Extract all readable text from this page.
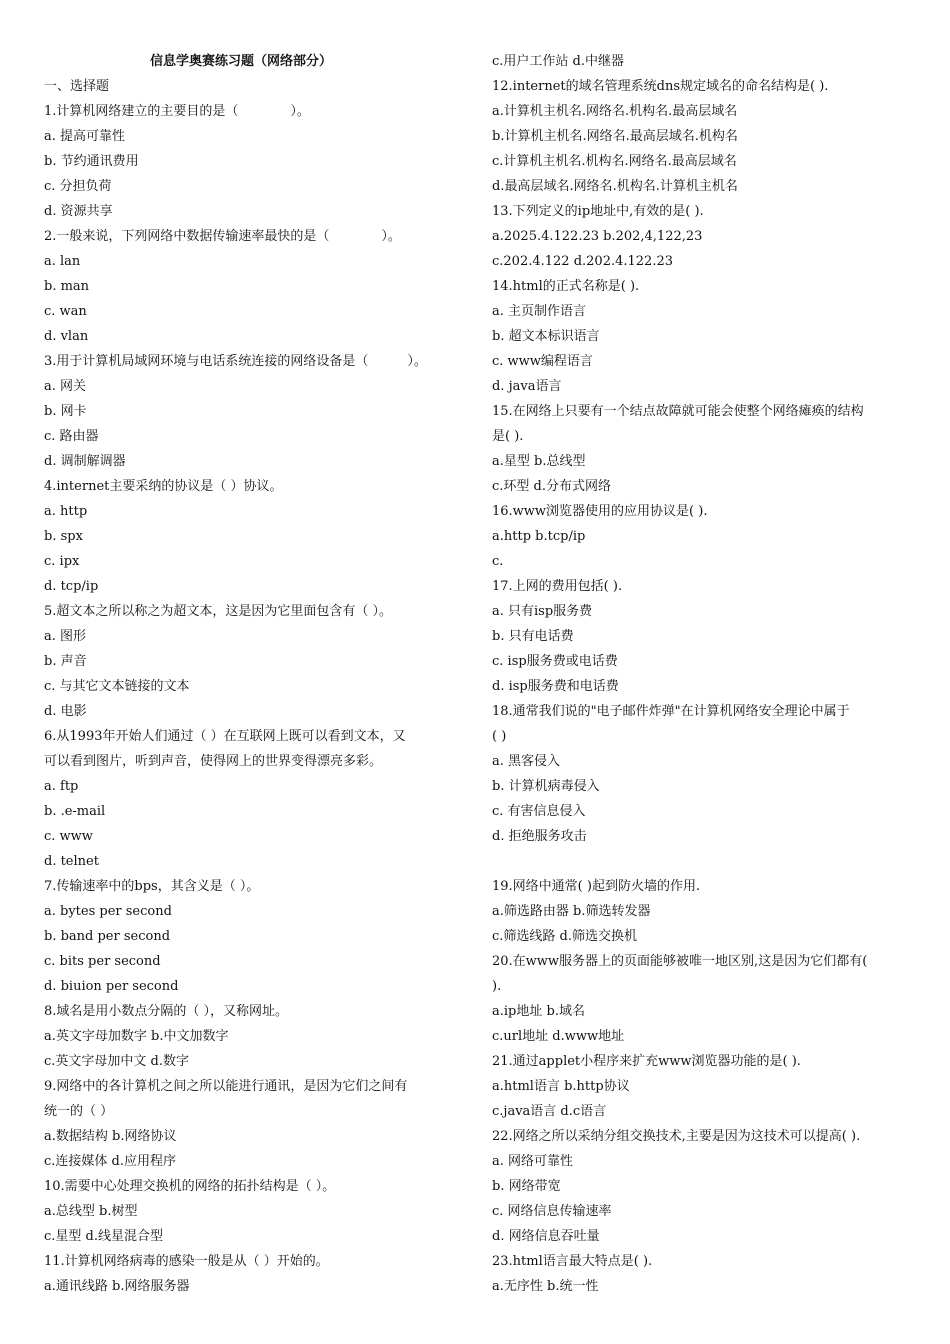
信息学奥赛练习题（网络部分）
一、选择题
1.计算机网络建立的主要目的是（　　　　）。
a. 提高可靠性
b. 节约通讯费用
c. 分担负荷
d. 资源共享
2.一般来说，下列网络中数据传输速率最快的是（　　　　）。
a. lan
b. man
c. wan
d. vlan
3.用于计算机局域网环境与电话系统连接的网络设备是（　　　）。
a. 网关
b. 网卡
c. 路由器
d. 调制解调器
4.internet主要采纳的协议是（ ）协议。
a. http
b. spx
c. ipx
d. tcp/ip
5.超文本之所以称之为超文本，这是因为它里面包含有（ ）。
a. 图形
b. 声音
c. 与其它文本链接的文本
d. 电影
6.从1993年开始人们通过（ ）在互联网上既可以看到文本，又
可以看到图片，听到声音，使得网上的世界变得漂亮多彩。
a. ftp
b. .e-mail
c. www
d. telnet
7.传输速率中的bps，其含义是（ ）。
a. bytes per second
b. band per second
c. bits per second
d. biuion per second
8.域名是用小数点分隔的（ ），又称网址。
a.英文字母加数字 b.中文加数字
c.英文字母加中文 d.数字
9.网络中的各计算机之间之所以能进行通讯，是因为它们之间有
统一的（ ）
a.数据结构 b.网络协议
c.连接媒体 d.应用程序
10.需要中心处理交换机的网络的拓扑结构是（ ）。
a.总线型 b.树型
c.星型 d.线星混合型
11.计算机网络病毒的感染一般是从（ ）开始的。
a.通讯线路 b.网络服务器
c.用户工作站 d.中继器
12.internet的域名管理系统dns规定域名的命名结构是( ).
a.计算机主机名.网络名.机构名.最高层域名
b.计算机主机名.网络名.最高层域名.机构名
c.计算机主机名.机构名.网络名.最高层域名
d.最高层域名.网络名.机构名.计算机主机名
13.下列定义的ip地址中,有效的是( ).
a.2025.4.122.23 b.202,4,122,23
c.202.4.122 d.202.4.122.23
14.html的正式名称是( ).
a. 主页制作语言
b. 超文本标识语言
c. www编程语言
d. java语言
15.在网络上只要有一个结点故障就可能会使整个网络瘫痪的结构
是( ).
a.星型 b.总线型
c.环型 d.分布式网络
16.www浏览器使用的应用协议是( ).
a.http b.tcp/ip
c.
17.上网的费用包括( ).
a. 只有isp服务费
b. 只有电话费
c. isp服务费或电话费
d. isp服务费和电话费
18.通常我们说的"电子邮件炸弹"在计算机网络安全理论中属于
( )
a. 黑客侵入
b. 计算机病毒侵入
c. 有害信息侵入
d. 拒绝服务攻击
19.网络中通常( )起到防火墙的作用.
a.筛选路由器 b.筛选转发器
c.筛选线路 d.筛选交换机
20.在www服务器上的页面能够被唯一地区别,这是因为它们都有(
).
a.ip地址 b.域名
c.url地址 d.www地址
21.通过applet小程序来扩充www浏览器功能的是( ).
a.html语言 b.http协议
c.java语言 d.c语言
22.网络之所以采纳分组交换技术,主要是因为这技术可以提高( ).
a. 网络可靠性
b. 网络带宽
c. 网络信息传输速率
d. 网络信息吞吐量
23.html语言最大特点是( ).
a.无序性 b.统一性
